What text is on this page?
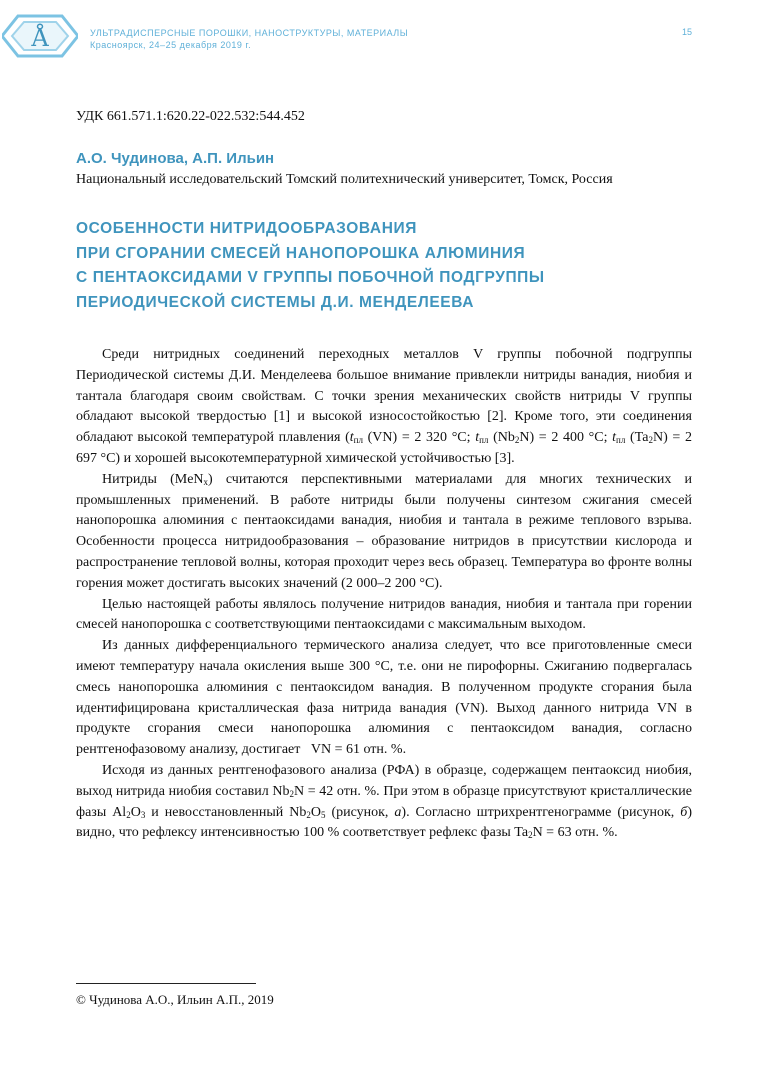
Å	УЛЬТРАДИСПЕРСНЫЕ ПОРОШКИ, НАНОСТРУКТУРЫ, МАТЕРИАЛЫ
Красноярск, 24–25 декабря 2019 г.
15
УДК 661.571.1:620.22-022.532:544.452
А.О. Чудинова, А.П. Ильин
Национальный исследовательский Томский политехнический университет, Томск, Россия
ОСОБЕННОСТИ НИТРИДООБРАЗОВАНИЯ
ПРИ СГОРАНИИ СМЕСЕЙ НАНОПОРОШКА АЛЮМИНИЯ
С ПЕНТАОКСИДАМИ V ГРУППЫ ПОБОЧНОЙ ПОДГРУППЫ
ПЕРИОДИЧЕСКОЙ СИСТЕМЫ Д.И. МЕНДЕЛЕЕВА

Среди нитридных соединений переходных металлов V группы побочной подгруппы Периодической системы Д.И. Менделеева большое внимание привлекли нитриды ванадия, ниобия и тантала благодаря своим свойствам. С точки зрения механических свойств нитриды V группы обладают высокой твердостью [1] и высокой износостойкостью [2]. Кроме того, эти соединения обладают высокой температурой плавления ($t_{пл}$ (VN) = 2 320 °С; $t_{пл}$ $(Nb_2N) = 2$ 400 °С; $t_{пл}$ $(Ta_2N) = 2$ 697 °С) и хорошей высокотемпературной химической устойчивостью [3].

Нитриды (MeN$_x$) считаются перспективными материалами для многих технических и промышленных применений. В работе нитриды были получены синтезом сжигания смесей нанопорошка алюминия с пентаоксидами ванадия, ниобия и тантала в режиме теплового взрыва. Особенности процесса нитридообразования – образование нитридов в присутствии кислорода и распространение тепловой волны, которая проходит через весь образец. Температура во фронте волны горения может достигать высоких значений (2 000–2 200 °С).

Целью настоящей работы являлось получение нитридов ванадия, ниобия и тантала при горении смесей нанопорошка с соответствующими пентаоксидами с максимальным выходом.

Из данных дифференциального термического анализа следует, что все приготовленные смеси имеют температуру начала окисления выше 300 °С, т.е. они не пирофорны. Сжиганию подвергалась смесь нанопорошка алюминия с пентаоксидом ванадия. В полученном продукте сгорания была идентифицирована кристаллическая фаза нитрида ванадия (VN). Выход данного нитрида VN в продукте сгорания смеси нанопорошка алюминия с пентаоксидом ванадия, согласно рентгенофазовому анализу, достигает   VN = 61 отн. %.

Исходя из данных рентгенофазового анализа (РФА) в образце, содержащем пентаоксид ниобия, выход нитрида ниобия составил $Nb_2N = 42$ отн. %. При этом в образце присутствуют кристаллические фазы $Al_2O_3$ и невосстановленный $Nb_2O_5$ (рисунок, а). Согласно штрихрентгенограмме (рисунок, б) видно, что рефлексу интенсивностью 100 % соответствует рефлекс фазы $Ta_2N = 63$ отн. %.

© Чудинова А.О., Ильин А.П., 2019
